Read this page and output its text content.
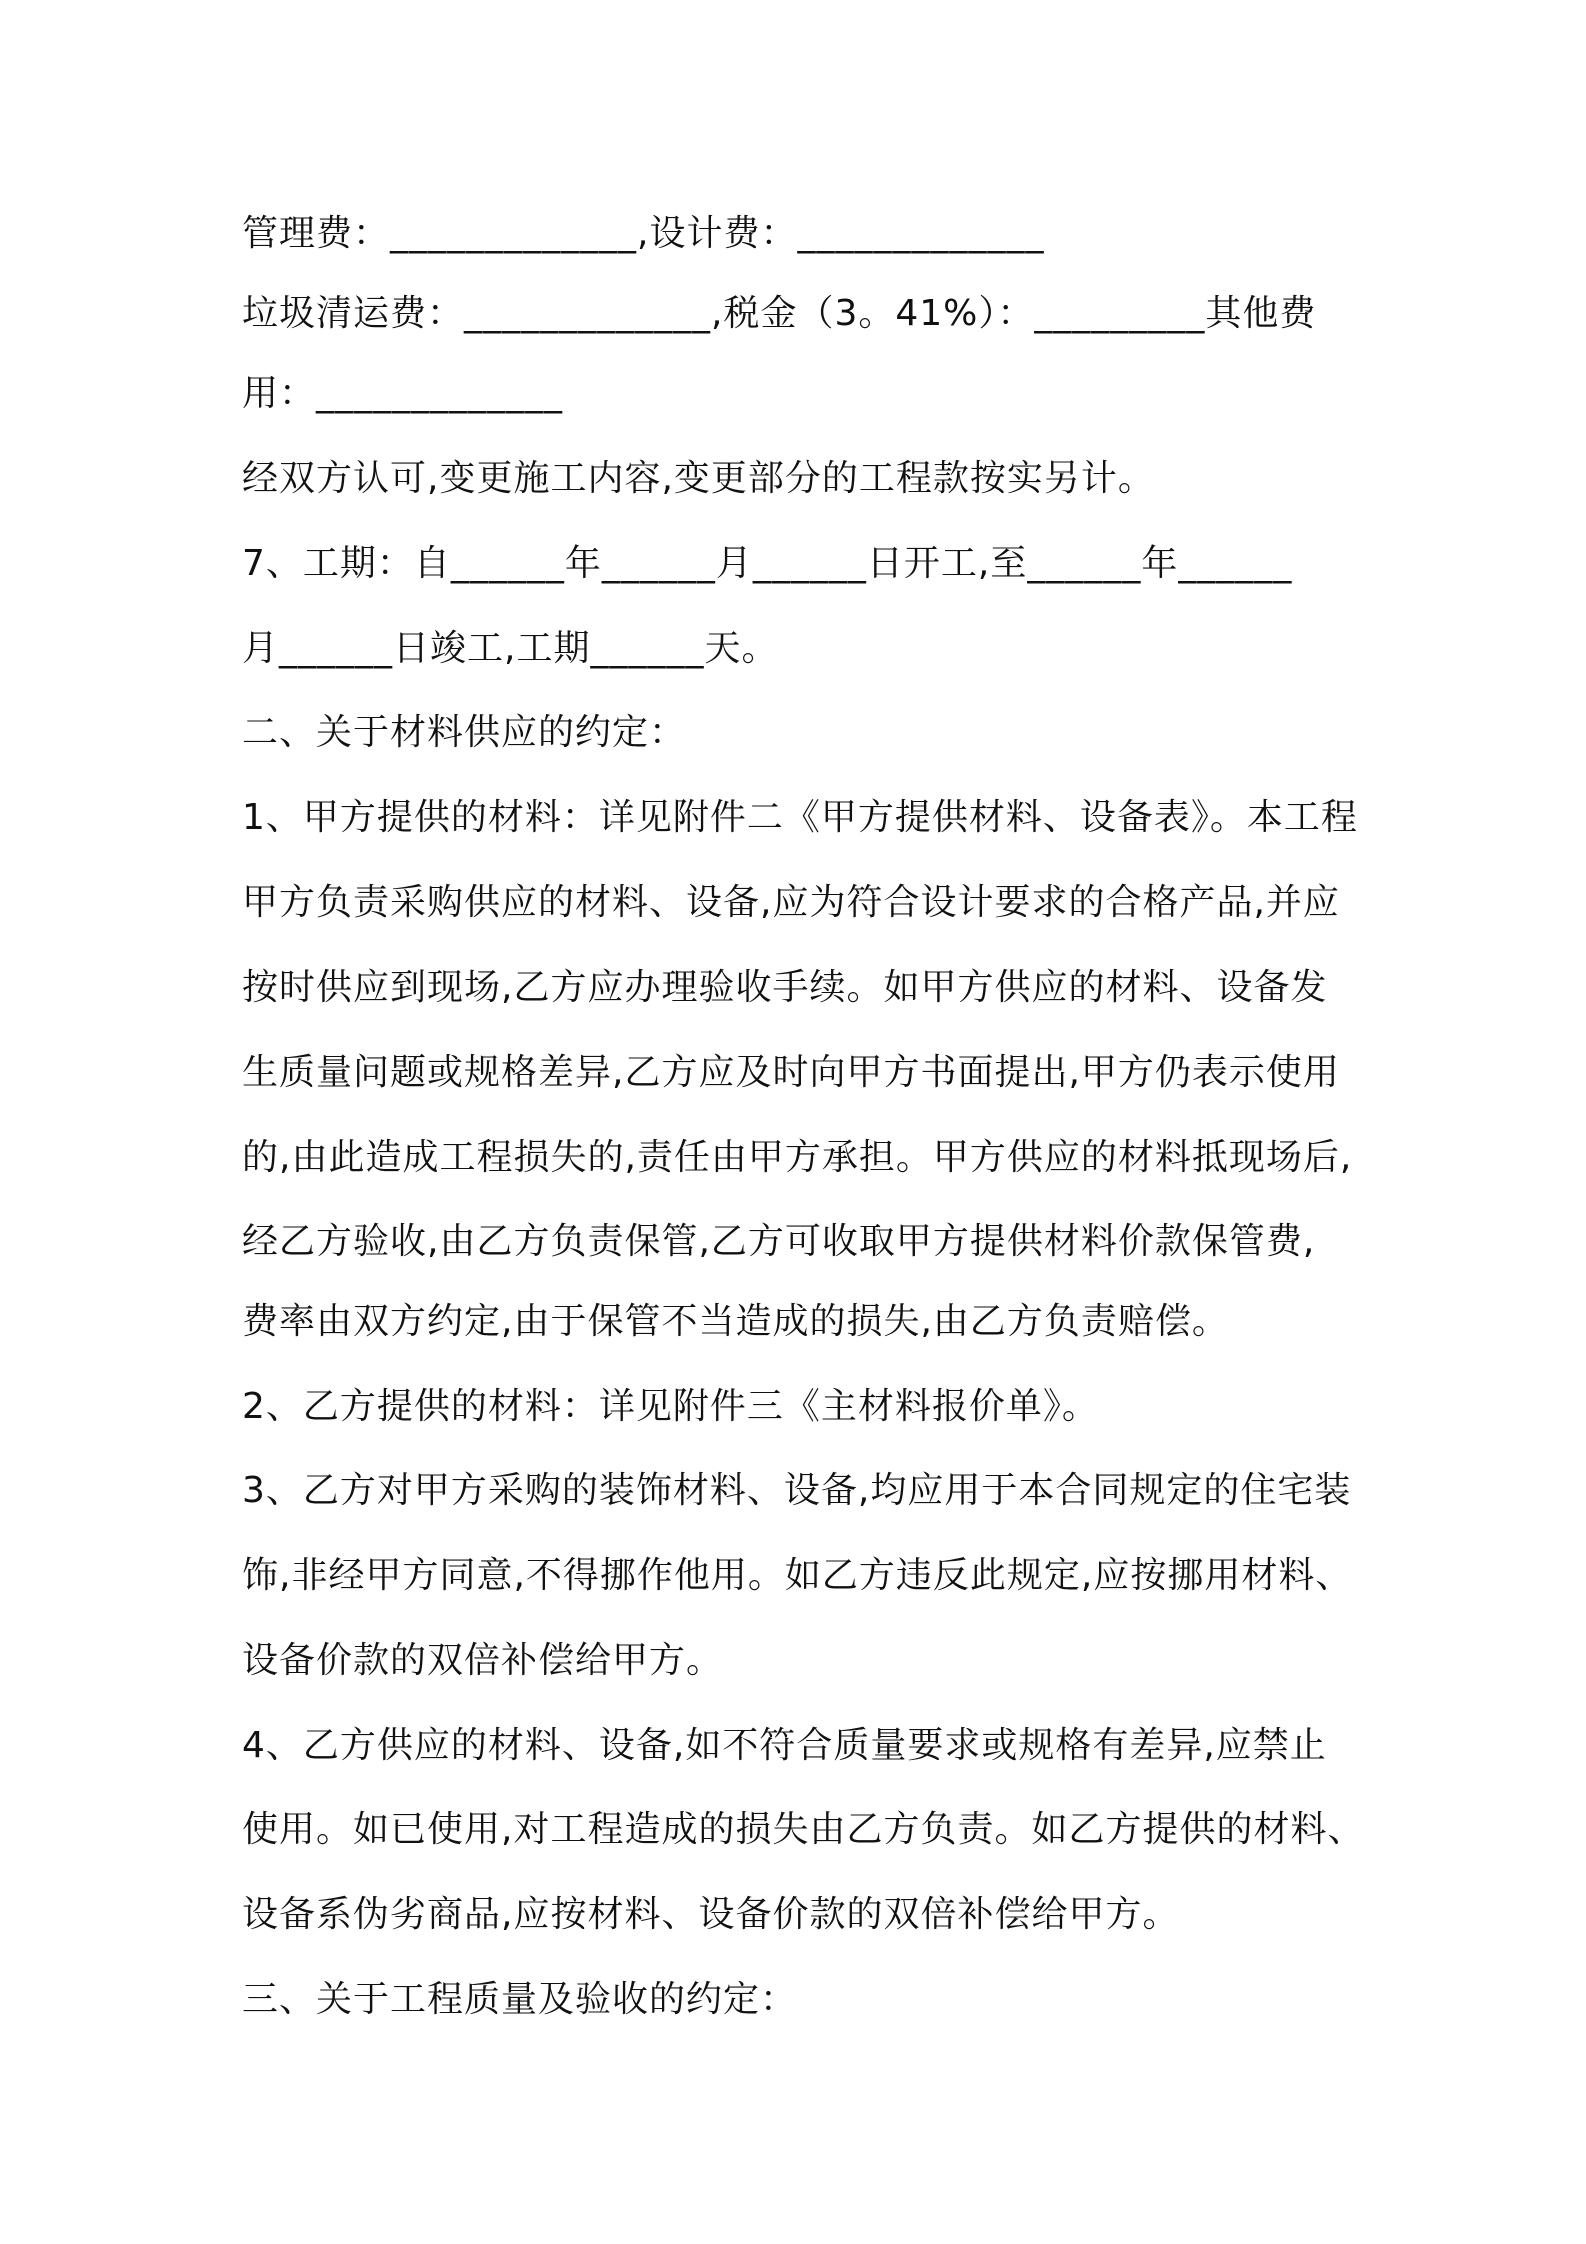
管理费：_____________,设计费：_____________
垃圾清运费：_____________,税金（3。41%）：_________其他费
用：_____________
经双方认可,变更施工内容,变更部分的工程款按实另计。
7、工期：自______年______月______日开工,至______年______
月______日竣工,工期______天。
二、关于材料供应的约定：
1、甲方提供的材料：详见附件二《甲方提供材料、设备表》。本工程
甲方负责采购供应的材料、设备,应为符合设计要求的合格产品,并应
按时供应到现场,乙方应办理验收手续。如甲方供应的材料、设备发
生质量问题或规格差异,乙方应及时向甲方书面提出,甲方仍表示使用
的,由此造成工程损失的,责任由甲方承担。甲方供应的材料抵现场后,
经乙方验收,由乙方负责保管,乙方可收取甲方提供材料价款保管费,
费率由双方约定,由于保管不当造成的损失,由乙方负责赔偿。
2、乙方提供的材料：详见附件三《主材料报价单》。
3、乙方对甲方采购的装饰材料、设备,均应用于本合同规定的住宅装
饰,非经甲方同意,不得挪作他用。如乙方违反此规定,应按挪用材料、
设备价款的双倍补偿给甲方。
4、乙方供应的材料、设备,如不符合质量要求或规格有差异,应禁止
使用。如已使用,对工程造成的损失由乙方负责。如乙方提供的材料、
设备系伪劣商品,应按材料、设备价款的双倍补偿给甲方。
三、关于工程质量及验收的约定：
